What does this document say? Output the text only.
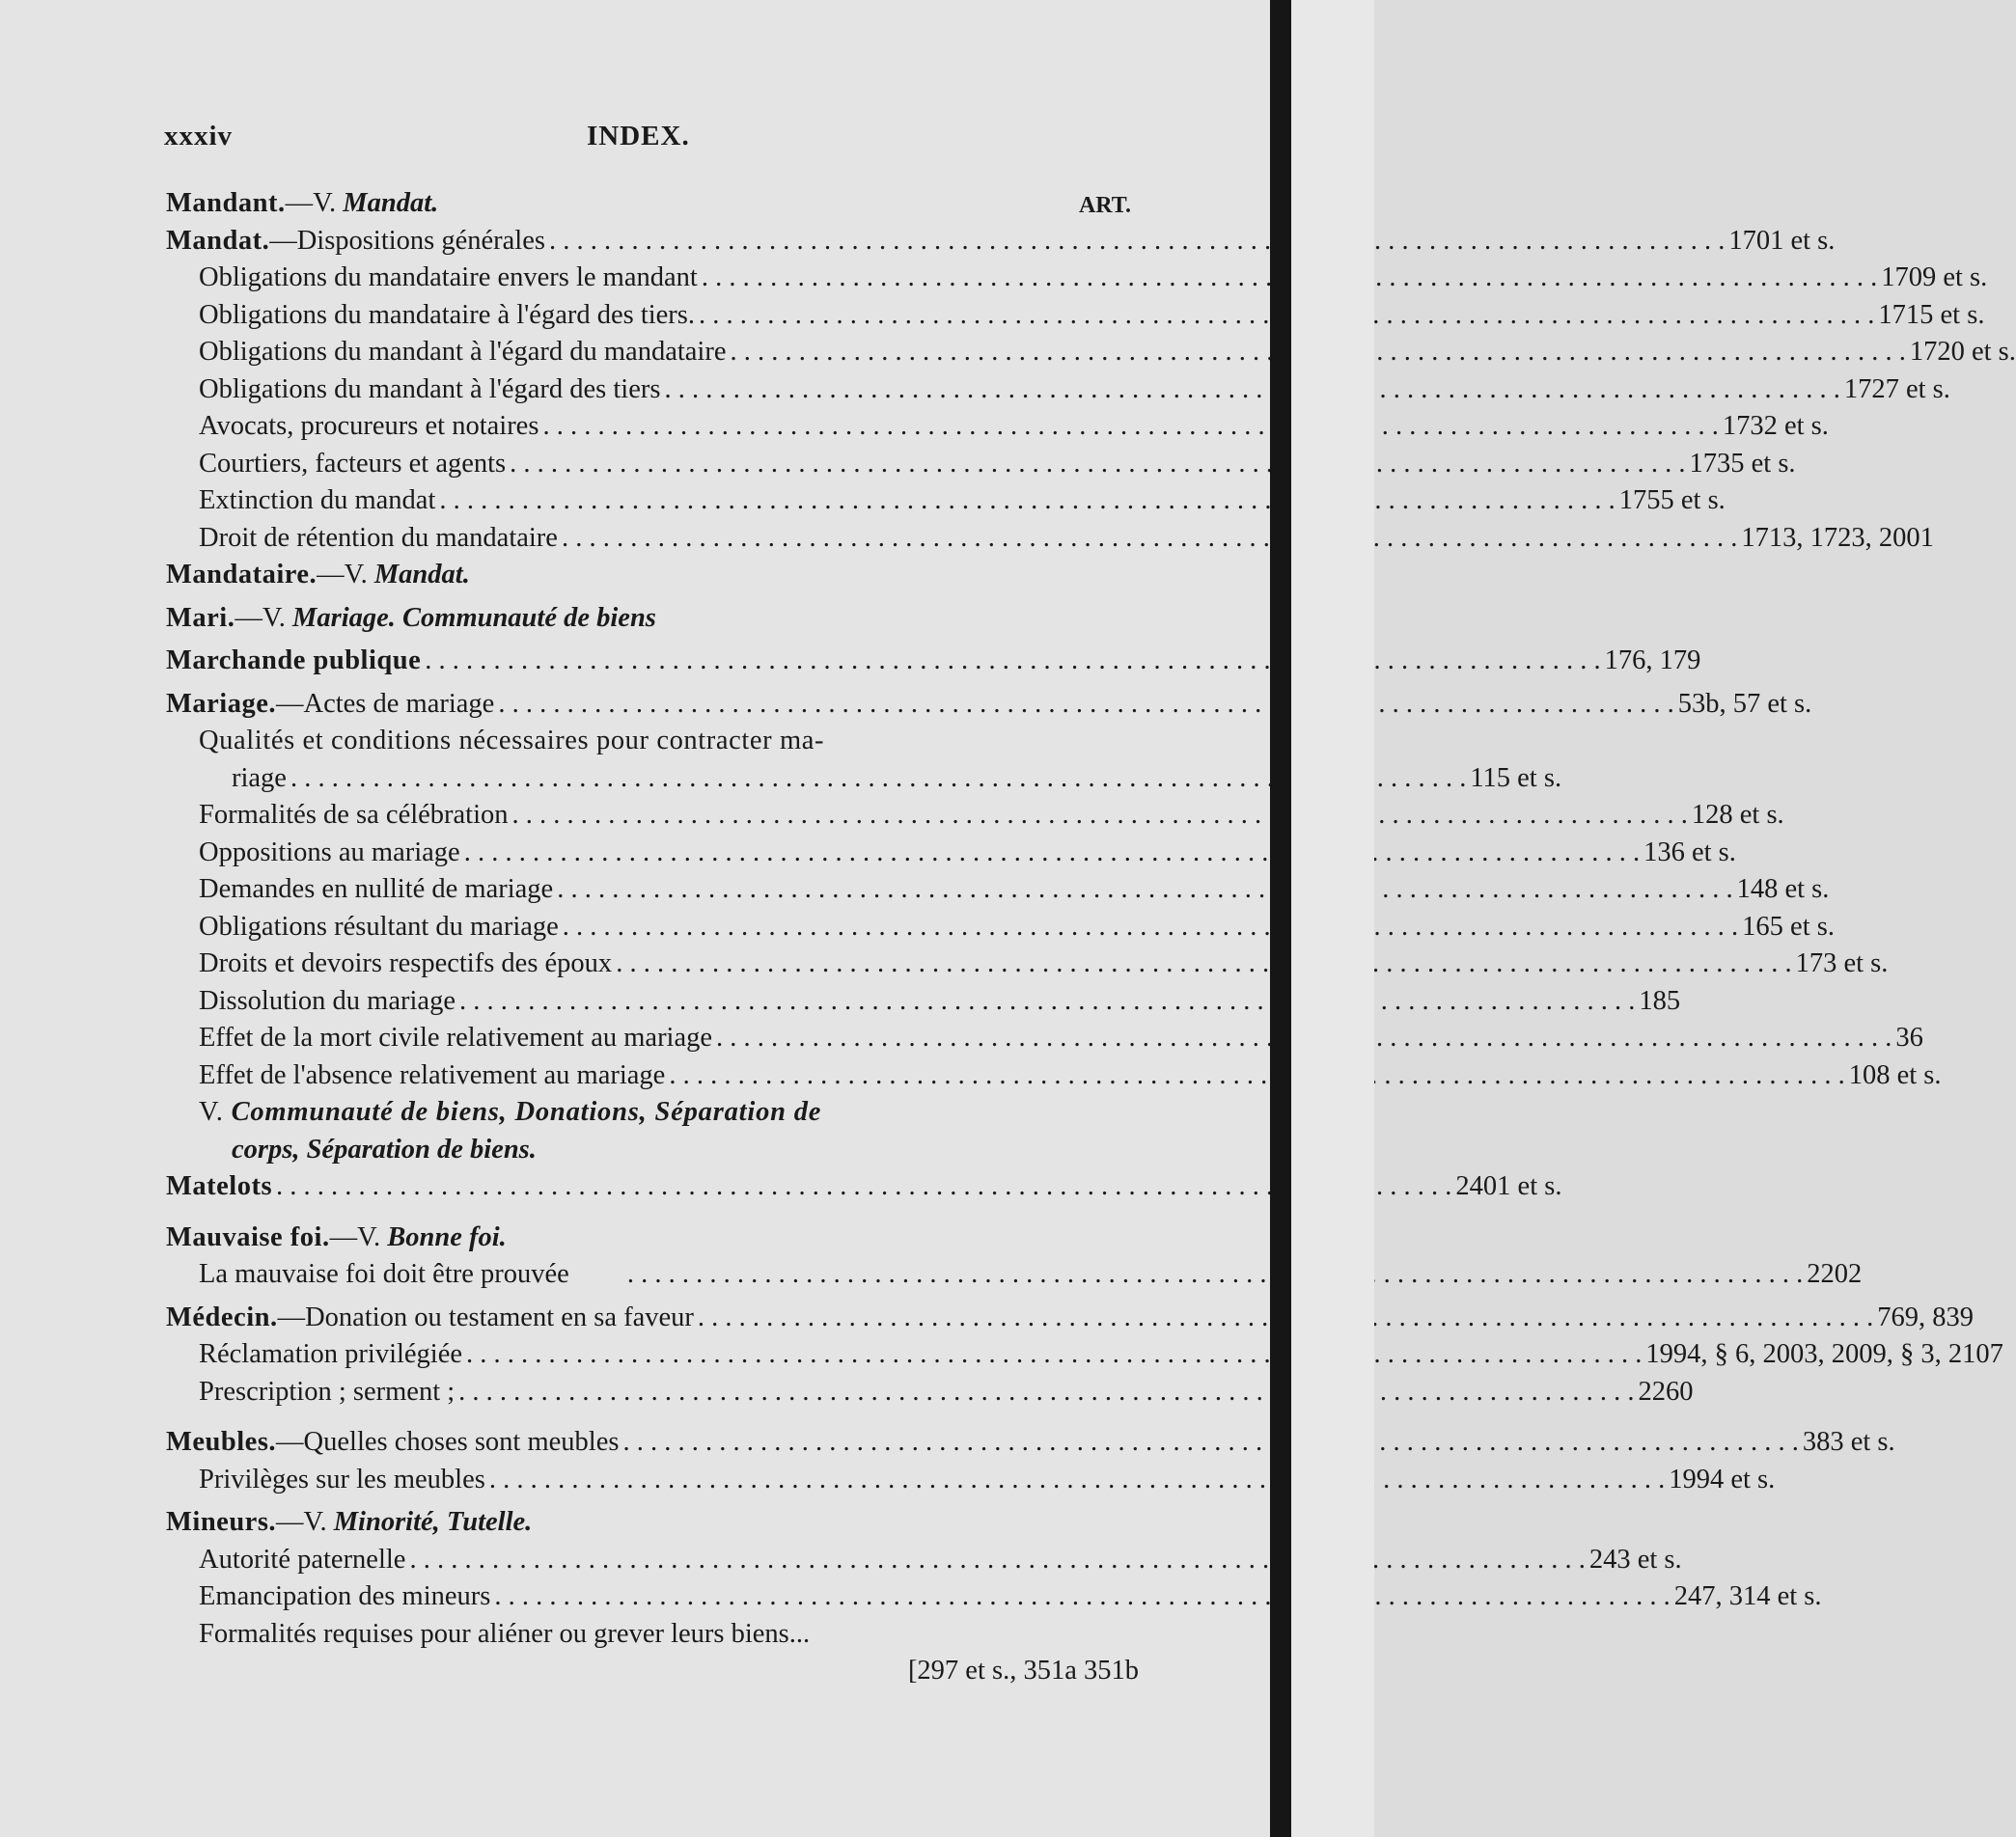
xxxiv	INDEX.
ART.
Mandant.—V. Mandat.
Mandat.—Dispositions générales . . .	1701 et s.
Obligations du mandataire envers le mandant . . .	1709 et s.
Obligations du mandataire à l'égard des tiers. . . .	1715 et s.
Obligations du mandant à l'égard du mandataire . . .	1720 et s.
Obligations du mandant à l'égard des tiers . . .	1727 et s.
Avocats, procureurs et notaires . . .	1732 et s.
Courtiers, facteurs et agents . . .	1735 et s.
Extinction du mandat . . .	1755 et s.
Droit de rétention du mandataire . . .	1713, 1723, 2001
Mandataire.—V. Mandat.
Mari.—V. Mariage. Communauté de biens
Marchande publique . . .	176, 179
Mariage.—Actes de mariage . . .	53b, 57 et s.
Qualités et conditions nécessaires pour contracter ma-
riage . . .	115 et s.
Formalités de sa célébration . . .	128 et s.
Oppositions au mariage . . .	136 et s.
Demandes en nullité de mariage . . .	148 et s.
Obligations résultant du mariage . . .	165 et s.
Droits et devoirs respectifs des époux . . .	173 et s.
Dissolution du mariage . . .	185
Effet de la mort civile relativement au mariage . . .	36
Effet de l'absence relativement au mariage . . .	108 et s.
V. Communauté de biens, Donations, Séparation de
corps, Séparation de biens.
Matelots . . .	2401 et s.
Mauvaise foi.—V. Bonne foi.
La mauvaise foi doit être prouvée . . .	2202
Médecin.—Donation ou testament en sa faveur . . .	769, 839
Réclamation privilégiée . . .	1994, § 6, 2003, 2009, § 3, 2107
Prescription ; serment ; . . .	2260
Meubles.—Quelles choses sont meubles . . .	383 et s.
Privilèges sur les meubles . . .	1994 et s.
Mineurs.—V. Minorité, Tutelle.
Autorité paternelle . . .	243 et s.
Emancipation des mineurs . . .	247, 314 et s.
Formalités requises pour aliéner ou grever leurs biens...
[297 et s., 351a 351b
